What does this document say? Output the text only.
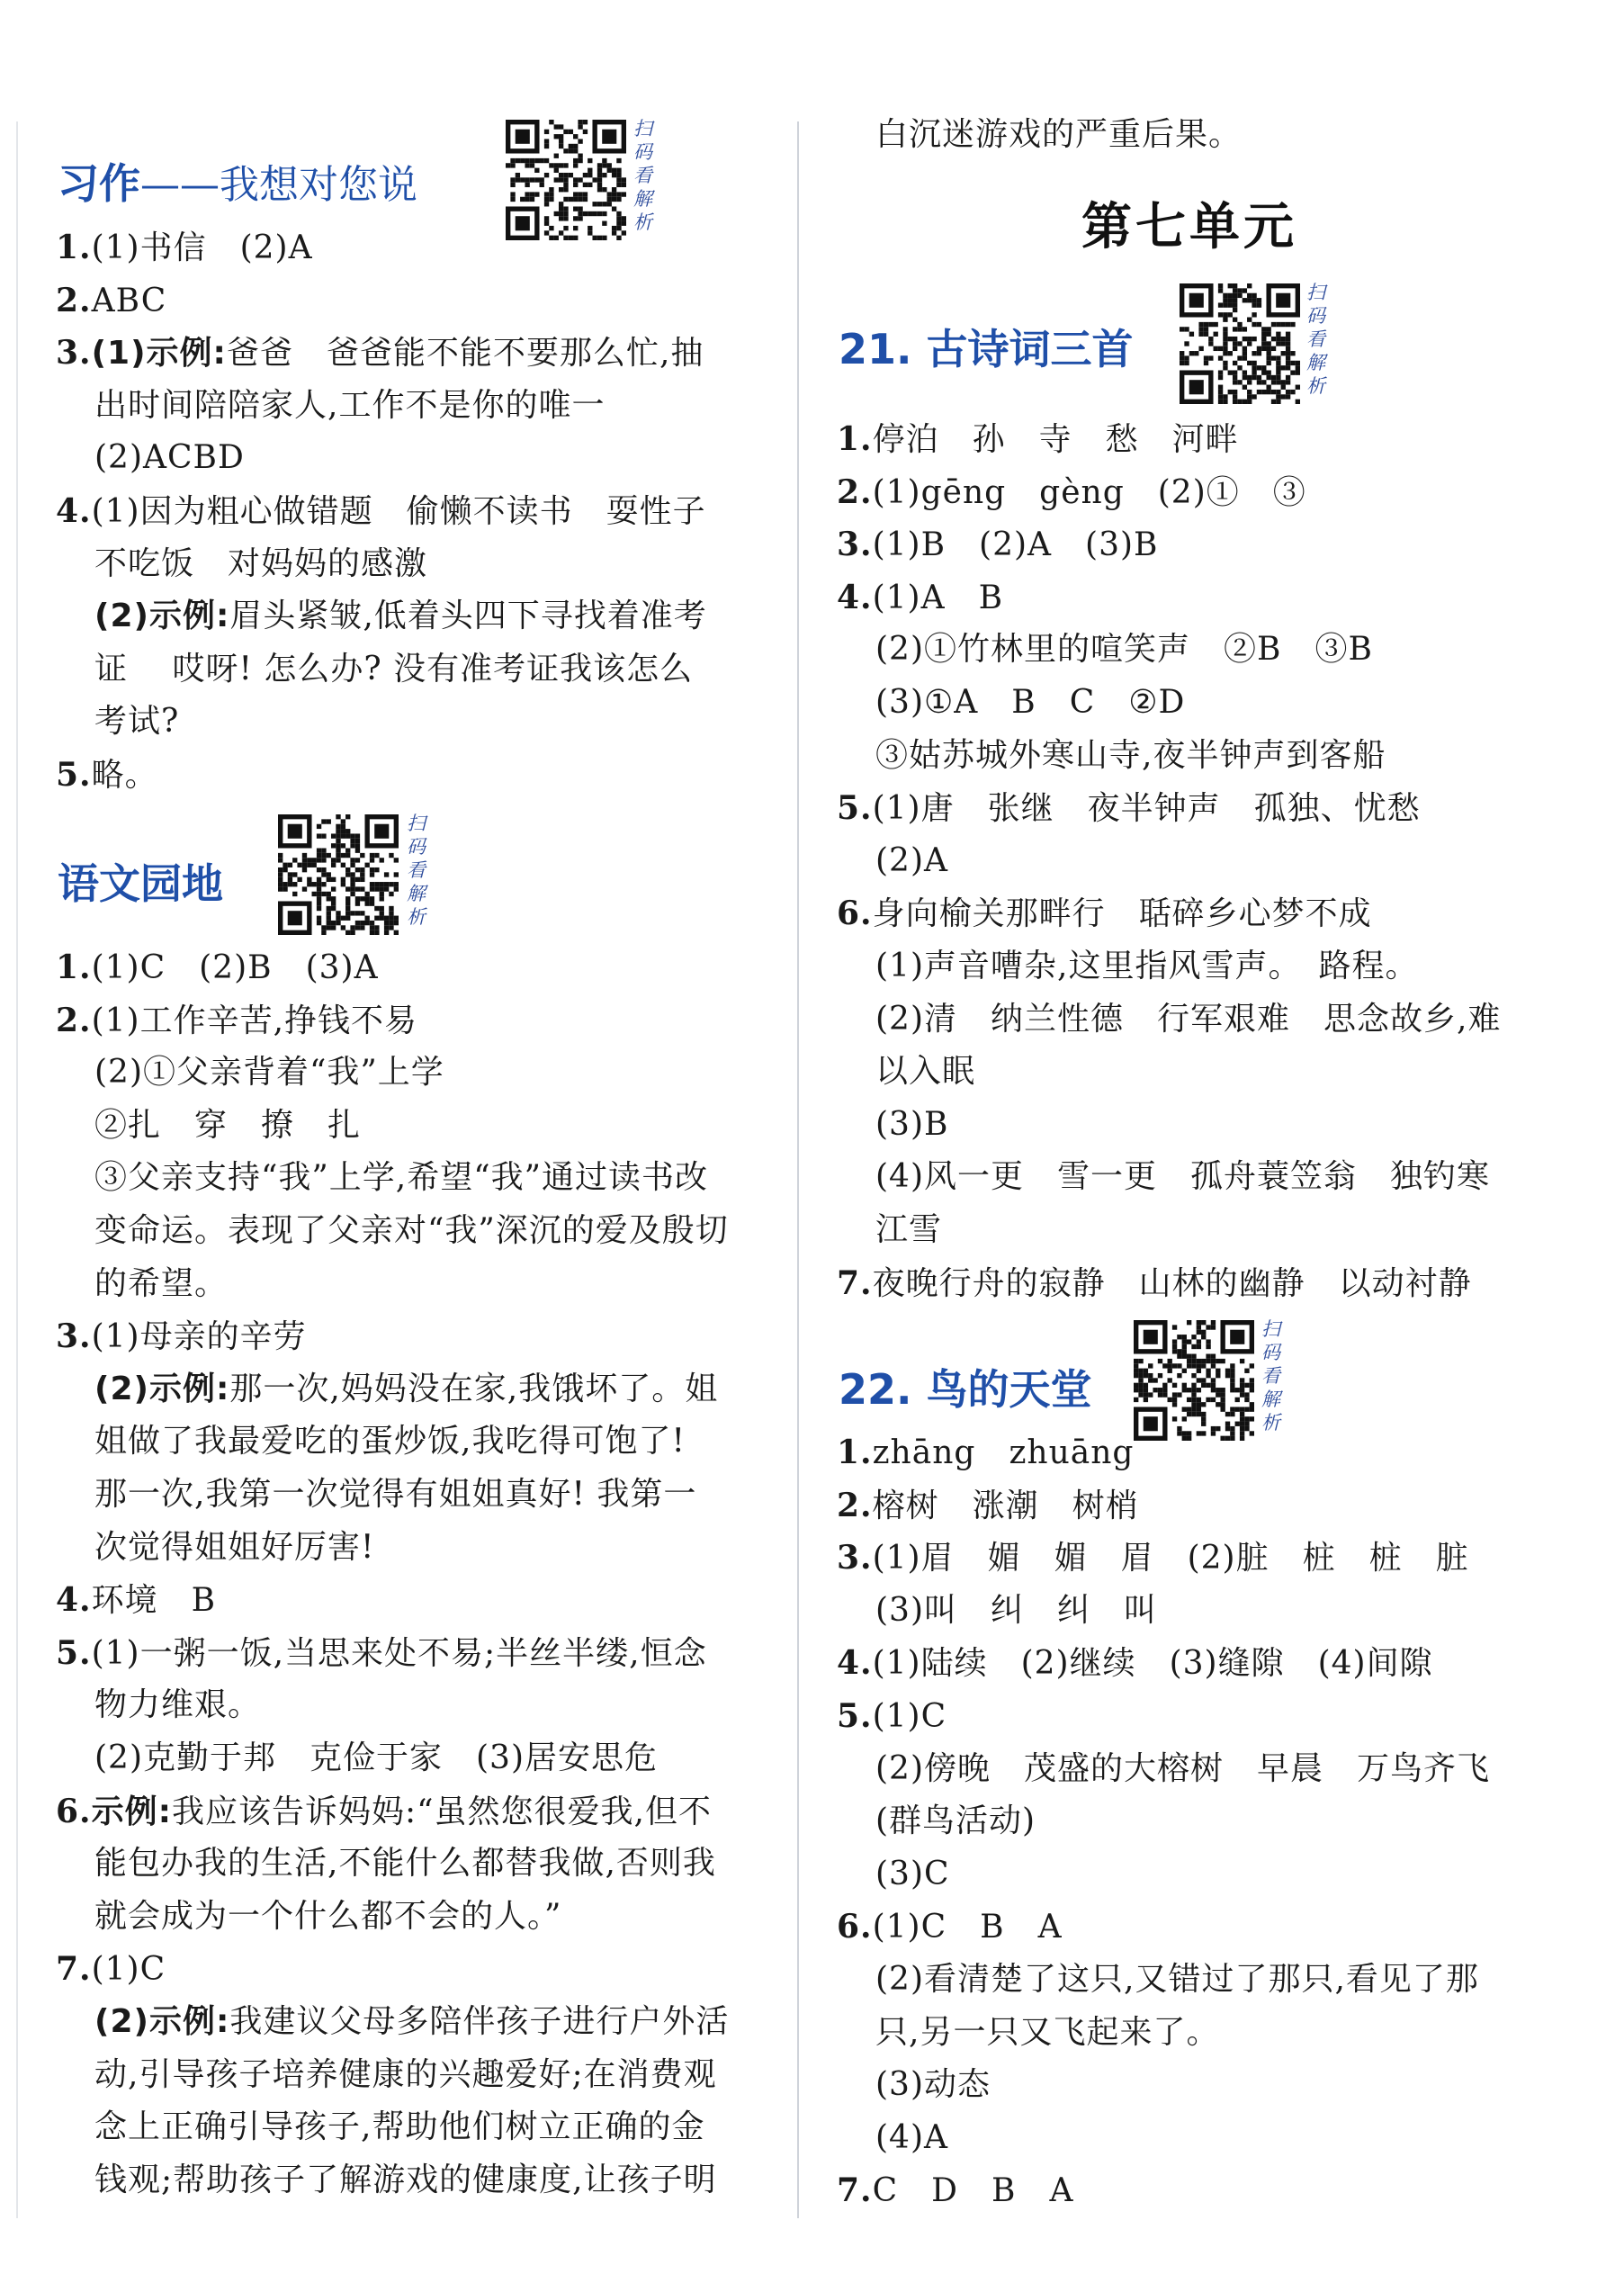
习作——我想对您说
扫码看解析
1.(1)书信　(2)A
2.ABC
3.(1)示例:爸爸　爸爸能不能不要那么忙,抽
出时间陪陪家人,工作不是你的唯一
(2)ACBD
4.(1)因为粗心做错题　偷懒不读书　耍性子
不吃饭　对妈妈的感激
(2)示例:眉头紧皱,低着头四下寻找着准考
证　 哎呀! 怎么办? 没有准考证我该怎么
考试?
5.略。
语文园地
扫码看解析
1.(1)C　(2)B　(3)A
2.(1)工作辛苦,挣钱不易
(2)①父亲背着“我”上学
②扎　穿　撩　扎
③父亲支持“我”上学,希望“我”通过读书改
变命运。表现了父亲对“我”深沉的爱及殷切
的希望。
3.(1)母亲的辛劳
(2)示例:那一次,妈妈没在家,我饿坏了。姐
姐做了我最爱吃的蛋炒饭,我吃得可饱了!
那一次,我第一次觉得有姐姐真好! 我第一
次觉得姐姐好厉害!
4.环境　B
5.(1)一粥一饭,当思来处不易;半丝半缕,恒念
物力维艰。
(2)克勤于邦　克俭于家　(3)居安思危
6.示例:我应该告诉妈妈:“虽然您很爱我,但不
能包办我的生活,不能什么都替我做,否则我
就会成为一个什么都不会的人。”
7.(1)C
(2)示例:我建议父母多陪伴孩子进行户外活
动,引导孩子培养健康的兴趣爱好;在消费观
念上正确引导孩子,帮助他们树立正确的金
钱观;帮助孩子了解游戏的健康度,让孩子明
白沉迷游戏的严重后果。
第七单元
21. 古诗词三首
扫码看解析
1.停泊　孙　寺　愁　河畔
2.(1)gēng　gèng　(2)①　③
3.(1)B　(2)A　(3)B
4.(1)A　B
(2)①竹林里的喧笑声　②B　③B
(3)①A　B　C　②D
③姑苏城外寒山寺,夜半钟声到客船
5.(1)唐　张继　夜半钟声　孤独、忧愁
(2)A
6.身向榆关那畔行　聒碎乡心梦不成
(1)声音嘈杂,这里指风雪声。　路程。
(2)清　纳兰性德　行军艰难　思念故乡,难
以入眠
(3)B
(4)风一更　雪一更　孤舟蓑笠翁　独钓寒
江雪
7.夜晚行舟的寂静　山林的幽静　以动衬静
22. 鸟的天堂
扫码看解析
1.zhāng　zhuāng
2.榕树　涨潮　树梢
3.(1)眉　媚　媚　眉　(2)脏　桩　桩　脏
(3)叫　纠　纠　叫
4.(1)陆续　(2)继续　(3)缝隙　(4)间隙
5.(1)C
(2)傍晚　茂盛的大榕树　早晨　万鸟齐飞
(群鸟活动)
(3)C
6.(1)C　B　A
(2)看清楚了这只,又错过了那只,看见了那
只,另一只又飞起来了。
(3)动态
(4)A
7.C　D　B　A
